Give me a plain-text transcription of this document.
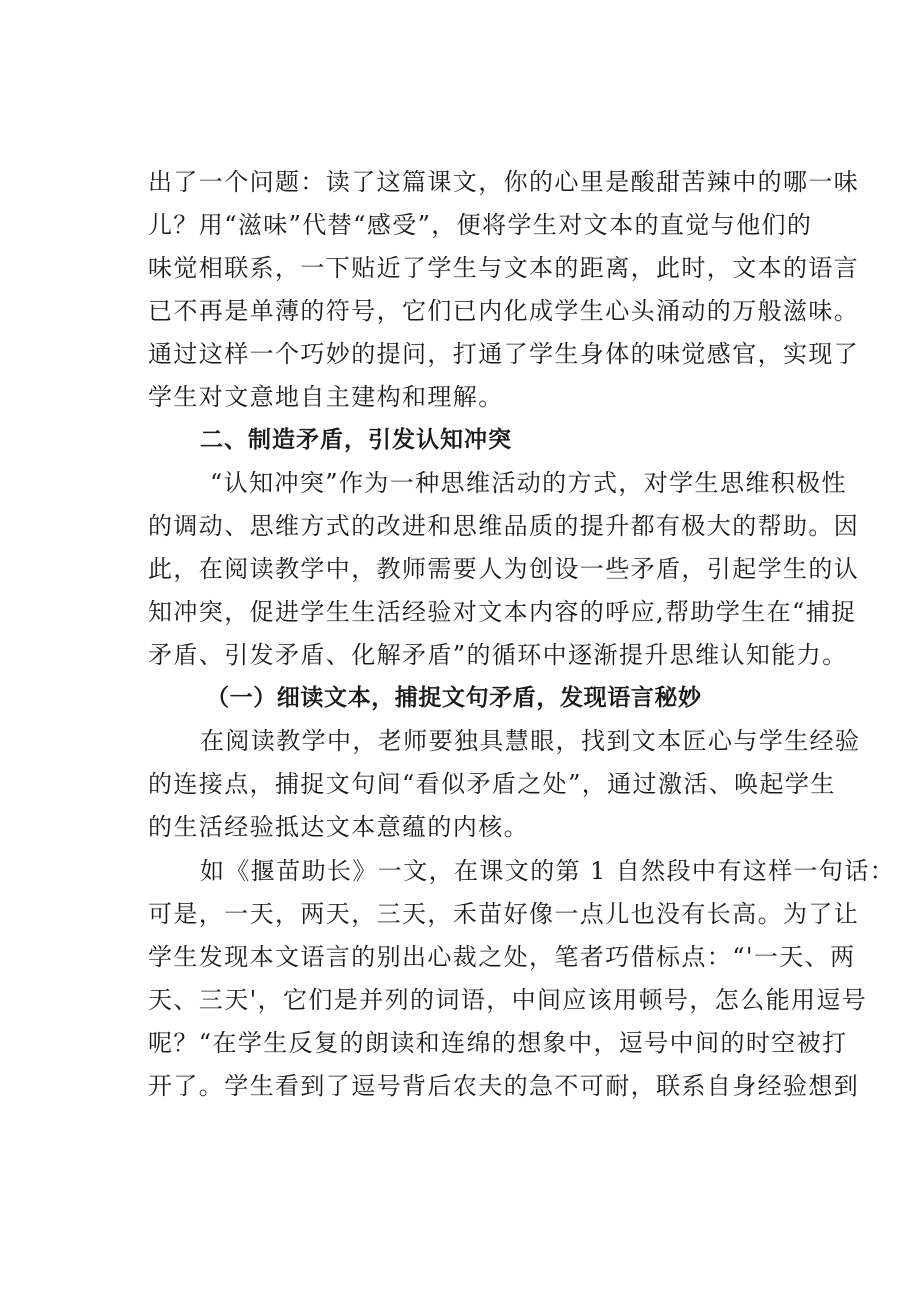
出了一个问题：读了这篇课文，你的心里是酸甜苦辣中的哪一味
儿？用“滋味”代替“感受”，便将学生对文本的直觉与他们的
味觉相联系，一下贴近了学生与文本的距离，此时，文本的语言
已不再是单薄的符号，它们已内化成学生心头涌动的万般滋味。
通过这样一个巧妙的提问，打通了学生身体的味觉感官，实现了
学生对文意地自主建构和理解。
二、制造矛盾，引发认知冲突
“认知冲突”作为一种思维活动的方式，对学生思维积极性
的调动、思维方式的改进和思维品质的提升都有极大的帮助。因
此，在阅读教学中，教师需要人为创设一些矛盾，引起学生的认
知冲突，促进学生生活经验对文本内容的呼应,帮助学生在“捕捉
矛盾、引发矛盾、化解矛盾”的循环中逐渐提升思维认知能力。
（一）细读文本，捕捉文句矛盾，发现语言秘妙
在阅读教学中，老师要独具慧眼，找到文本匠心与学生经验
的连接点，捕捉文句间“看似矛盾之处”，通过激活、唤起学生
的生活经验抵达文本意蕴的内核。
如《揠苗助长》一文，在课文的第 1 自然段中有这样一句话：
可是，一天，两天，三天，禾苗好像一点儿也没有长高。为了让
学生发现本文语言的别出心裁之处，笔者巧借标点：“'一天、两
天、三天'，它们是并列的词语，中间应该用顿号，怎么能用逗号
呢？“在学生反复的朗读和连绵的想象中，逗号中间的时空被打
开了。学生看到了逗号背后农夫的急不可耐，联系自身经验想到
